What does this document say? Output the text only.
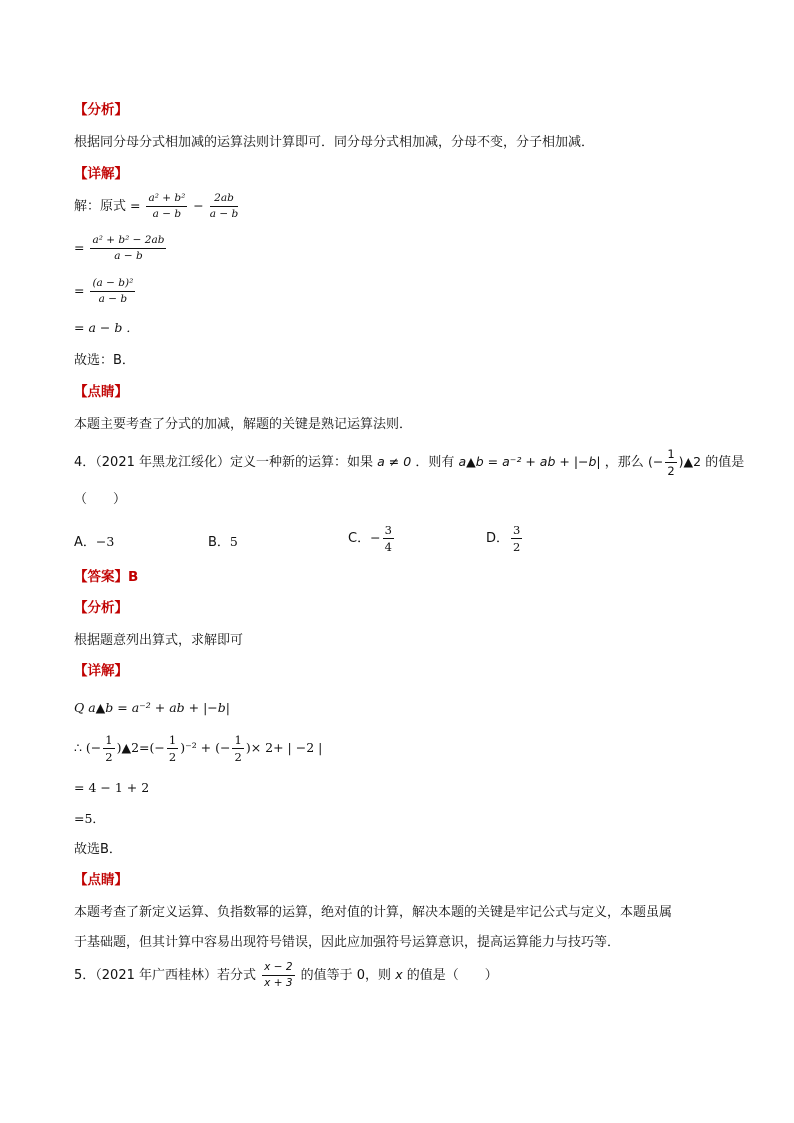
【分析】
根据同分母分式相加减的运算法则计算即可．同分母分式相加减，分母不变，分子相加减．
【详解】
解：原式 = $\frac{\text{a² + b²}}{a - b} - \frac{2ab}{a - b}$
= $\frac{\text{a² + b² − 2ab}}{a - b}$
= $\frac{\text{(a − b)²}}{a - b}$
= a − b ．
故选：B．
【点睛】
本题主要考查了分式的加减，解题的关键是熟记运算法则．
4．（2021 年黑龙江绥化）定义一种新的运算：如果 a ≠ 0 ．则有 a▲b = a⁻² + ab + |−b| ，那么 (− $\frac{1}{2}$ )▲2 的值是
（　　）
A．−3	B．5	C．− $\frac{3}{4}$	D． $\frac{3}{2}$
【答案】B
【分析】
根据题意列出算式，求解即可
【详解】
Q a▲b = a⁻² + ab + |−b|
∴ (− $\frac{1}{2}$ )▲2=(− $\frac{1}{2} )^{-2}$ + (− $\frac{1}{2}$ )× 2+ | −2 |
= 4 − 1 + 2
=5．
故选B．
【点睛】
本题考查了新定义运算、负指数幂的运算，绝对值的计算，解决本题的关键是牢记公式与定义，本题虽属
于基础题，但其计算中容易出现符号错误，因此应加强符号运算意识，提高运算能力与技巧等．
5．（2021 年广西桂林）若分式 $\frac{x - 2}{x + 3}$ 的值等于 0，则 x 的值是（　　）
